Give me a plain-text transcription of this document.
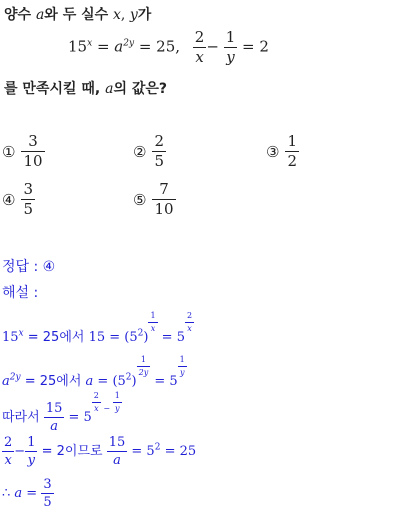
양수 a와 두 실수 x, y가
$15^x = a^{2y} = 25$, $\frac{2}{x} - \frac{1}{y} = 2$
를 만족시킬 때, a의 값은?
① $\frac{3}{10}$	② $\frac{2}{5}$	③ $\frac{1}{2}$
④ $\frac{3}{5}$	⑤ $\frac{7}{10}$
정답 : ④
해설 :
$15^x = 25$에서 $15 = (5^2)$
$\frac{1}{x}$
= 5
$\frac{2}{x}$
$a^{2y} = 25$에서 $a = (5^2)$
$\frac{1}{2y}$
= 5
$\frac{1}{y}$
따라서 $\frac{15}{a} = 5$
$\frac{2}{x} ^- \frac{1}{y}$
$\frac{2}{x} - \frac{1}{y} = 2$이므로 $\frac{15}{a} = 5^2 = 25$
∴ $a = \frac{3}{5}$
